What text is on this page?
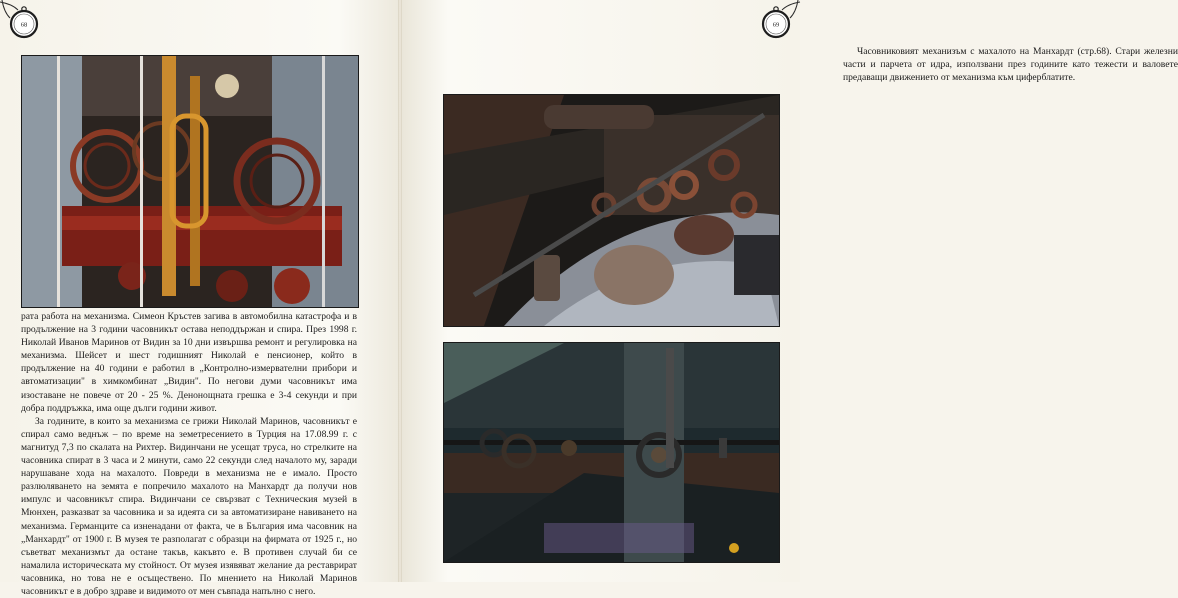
68

рата работа на механизма. Симеон Кръстев загива в автомобилна катастрофа и в продължение на 3 години часовникът остава неподдържан и спира. През 1998 г. Николай Иванов Маринов от Видин за 10 дни извършва ремонт и регулировка на механизма. Шейсет и шест годишният Николай е пенсионер, който в продължение на 40 години е работил в „Контролно-измервателни прибори и автоматизации" в химкомбинат „Видин". По негови думи часовникът има изоставане не повече от 20 - 25 %. Денонощната грешка е 3-4 секунди и при добра поддръжка, има още дълги години живот.

За годините, в които за механизма се грижи Николай Маринов, часовникът е спирал само веднъж – по време на земетресението в Турция на 17.08.99 г. с магнитуд 7,3 по скалата на Рихтер. Видинчани не усещат труса, но стрелките на часовника спират в 3 часа и 2 минути, само 22 секунди след началото му, заради нарушаване хода на махалото. Повреди в механизма не е имало. Просто разлюляването на земята е попречило махалото на Манхардт да получи нов импулс и часовникът спира. Видинчани се свързват с Техническия музей в Мюнхен, разказват за часовника и за идеята си за автоматизиране навиването на механизма. Германците са изненадани от факта, че в България има часовник на „Манхардт" от 1900 г. В музея те разполагат с образци на фирмата от 1925 г., но съветват механизмът да остане такъв, какъвто е. В противен случай би се намалила историческата му стойност. От музея изявяват желание да реставрират часовника, но това не е осъществено. По мнението на Николай Маринов часовникът е в добро здраве и видимото от мен съвпада напълно с него.

69

Часовниковият механизъм с махалото на Манхардт (стр.68). Стари железни части и парчета от идра, използвани през годините като тежести и валовете предаващи движението от механизма към циферблатите.
